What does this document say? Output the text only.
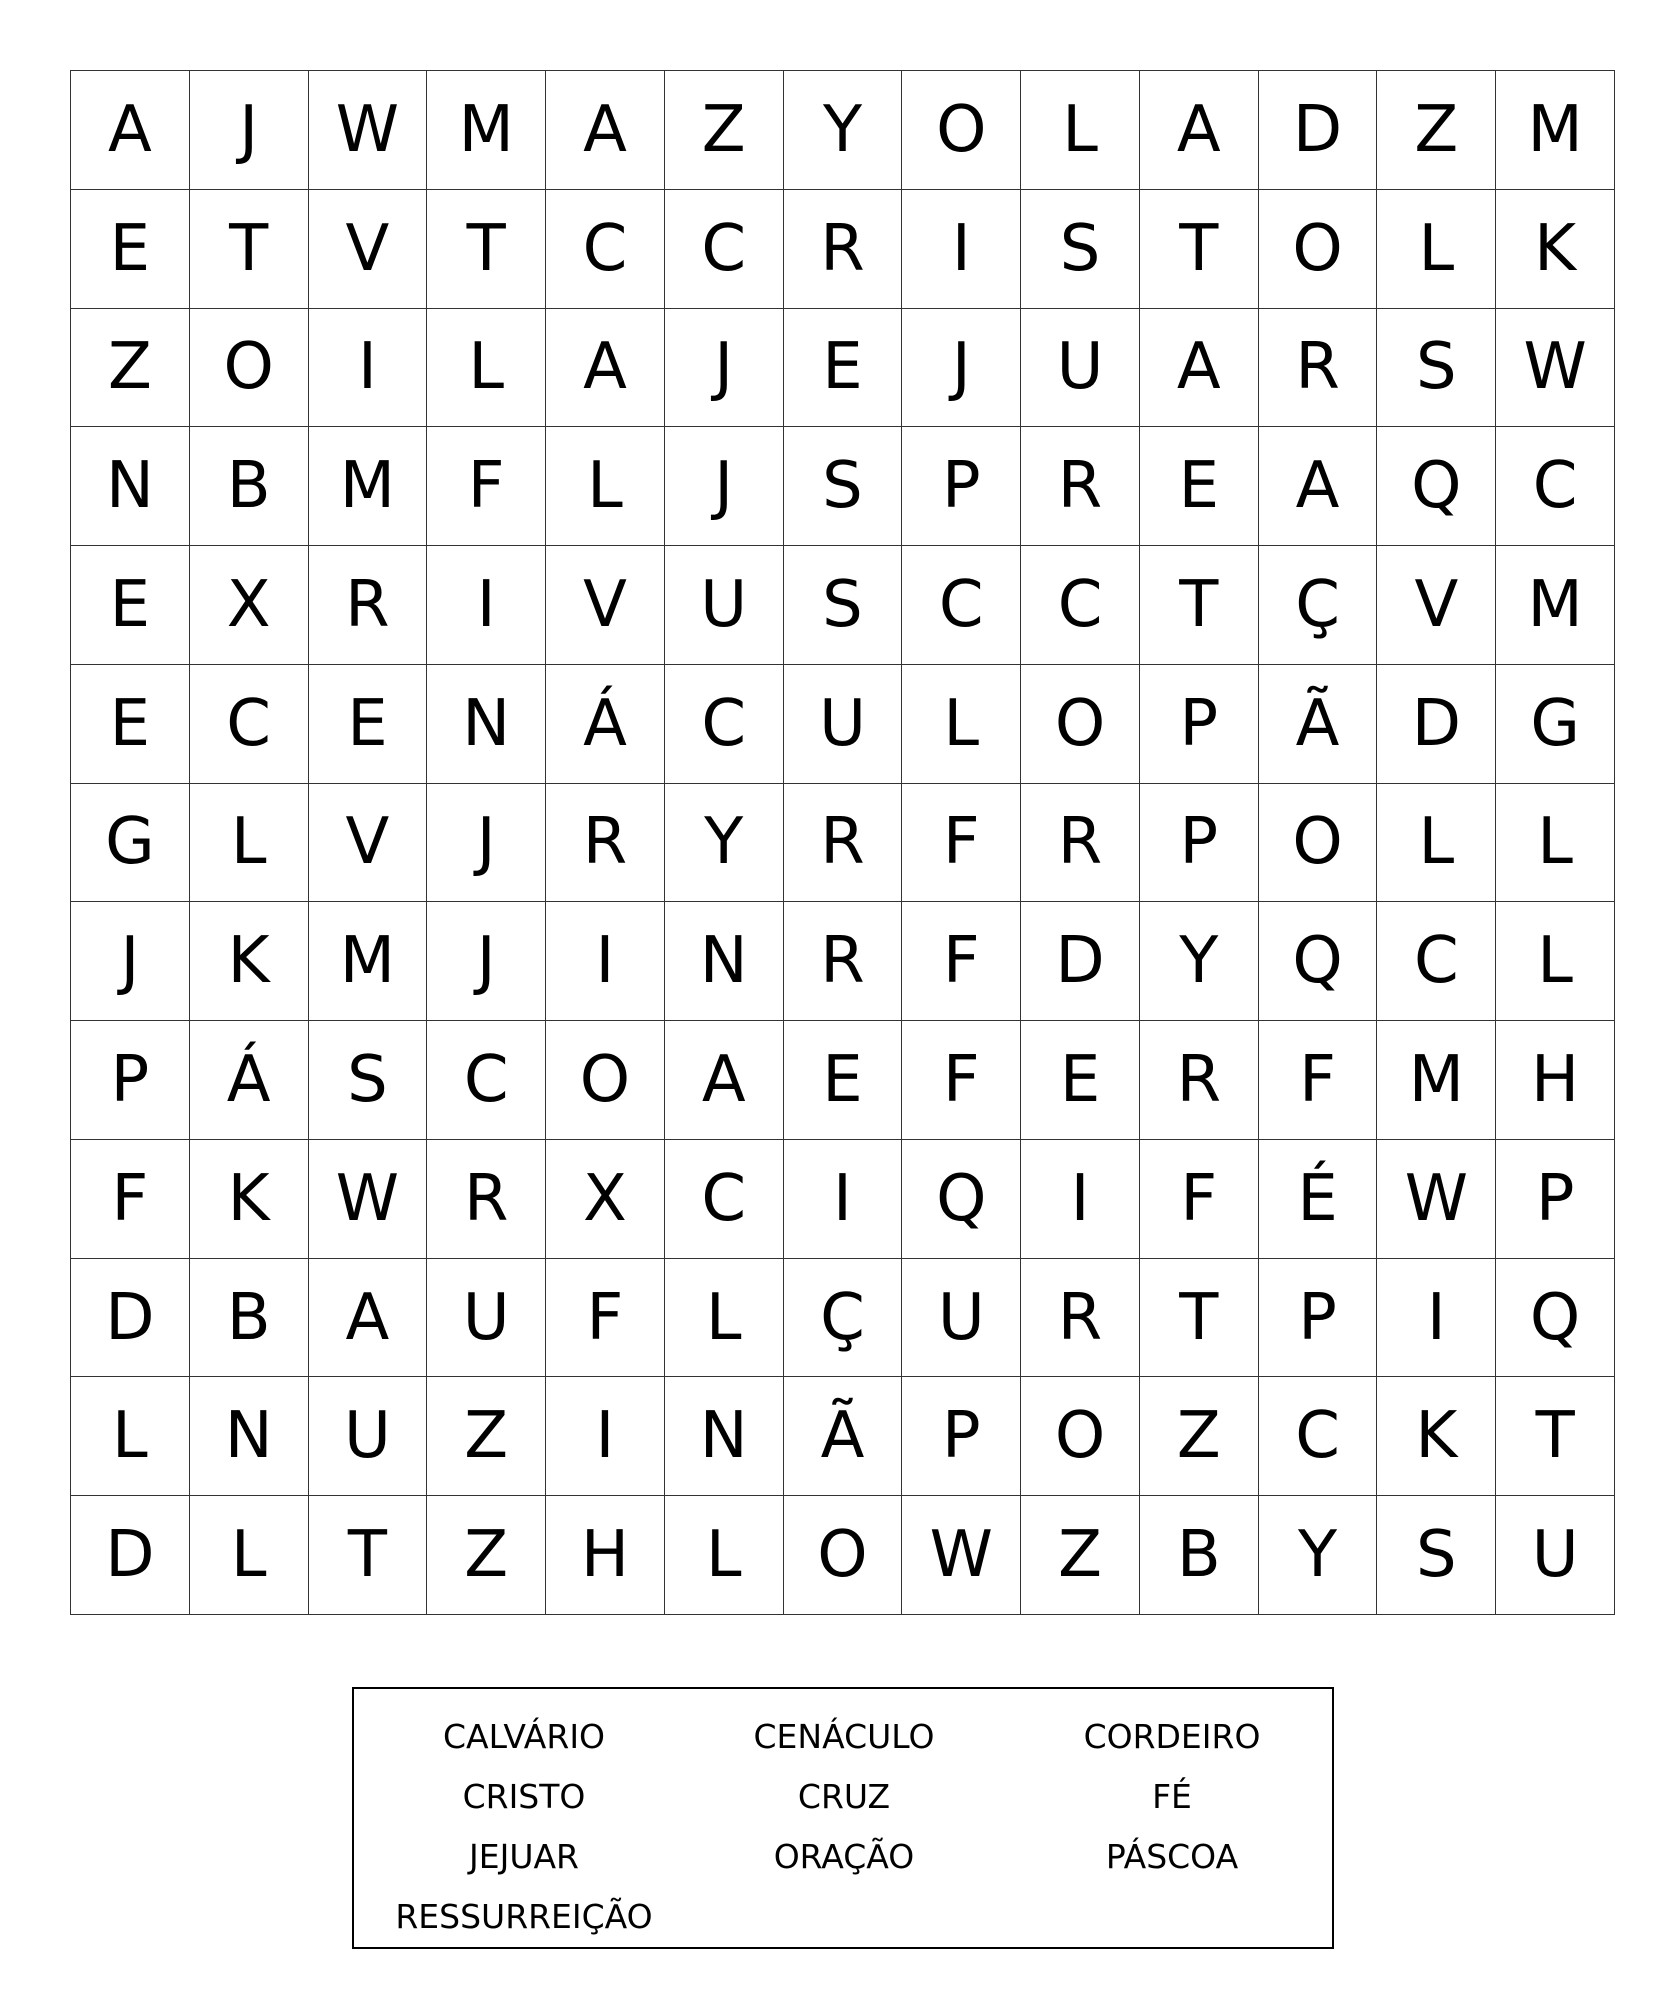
A	J	W M	A	Z	Y	O	L	A	D	Z	M
E	T	V	T	C	C	R	I	S	T	O	L	K
Z	O	I	L	A	J	E	J	U	A	R	S	W
N	B	M	F	L	J	S	P	R	E	A	Q	C
E	X	R	I	V	U	S	C	C	T	Ç	V	M
E	C	E	N	Á	C	U	L	O	P	Ã	D	G
G	L	V	J	R	Y	R	F	R	P	O	L	L
J	K	M	J	I	N	R	F	D	Y	Q	C	L
P	Á	S	C	O	A	E	F	E	R	F	M	H
F	K	W	R	X	C	I	Q	I	F	É	W	P
D	B	A	U	F	L	Ç	U	R	T	P	I	Q
L	N	U	Z	I	N	Ã	P	O	Z	C	K	T
D	L	T	Z	H	L	O W	Z	B	Y	S	U
CALVÁRIO
CRISTO
JEJUAR
RESSURREIÇÃO
CENÁCULO
CRUZ
ORAÇÃO
CORDEIRO
FÉ
PÁSCOA
